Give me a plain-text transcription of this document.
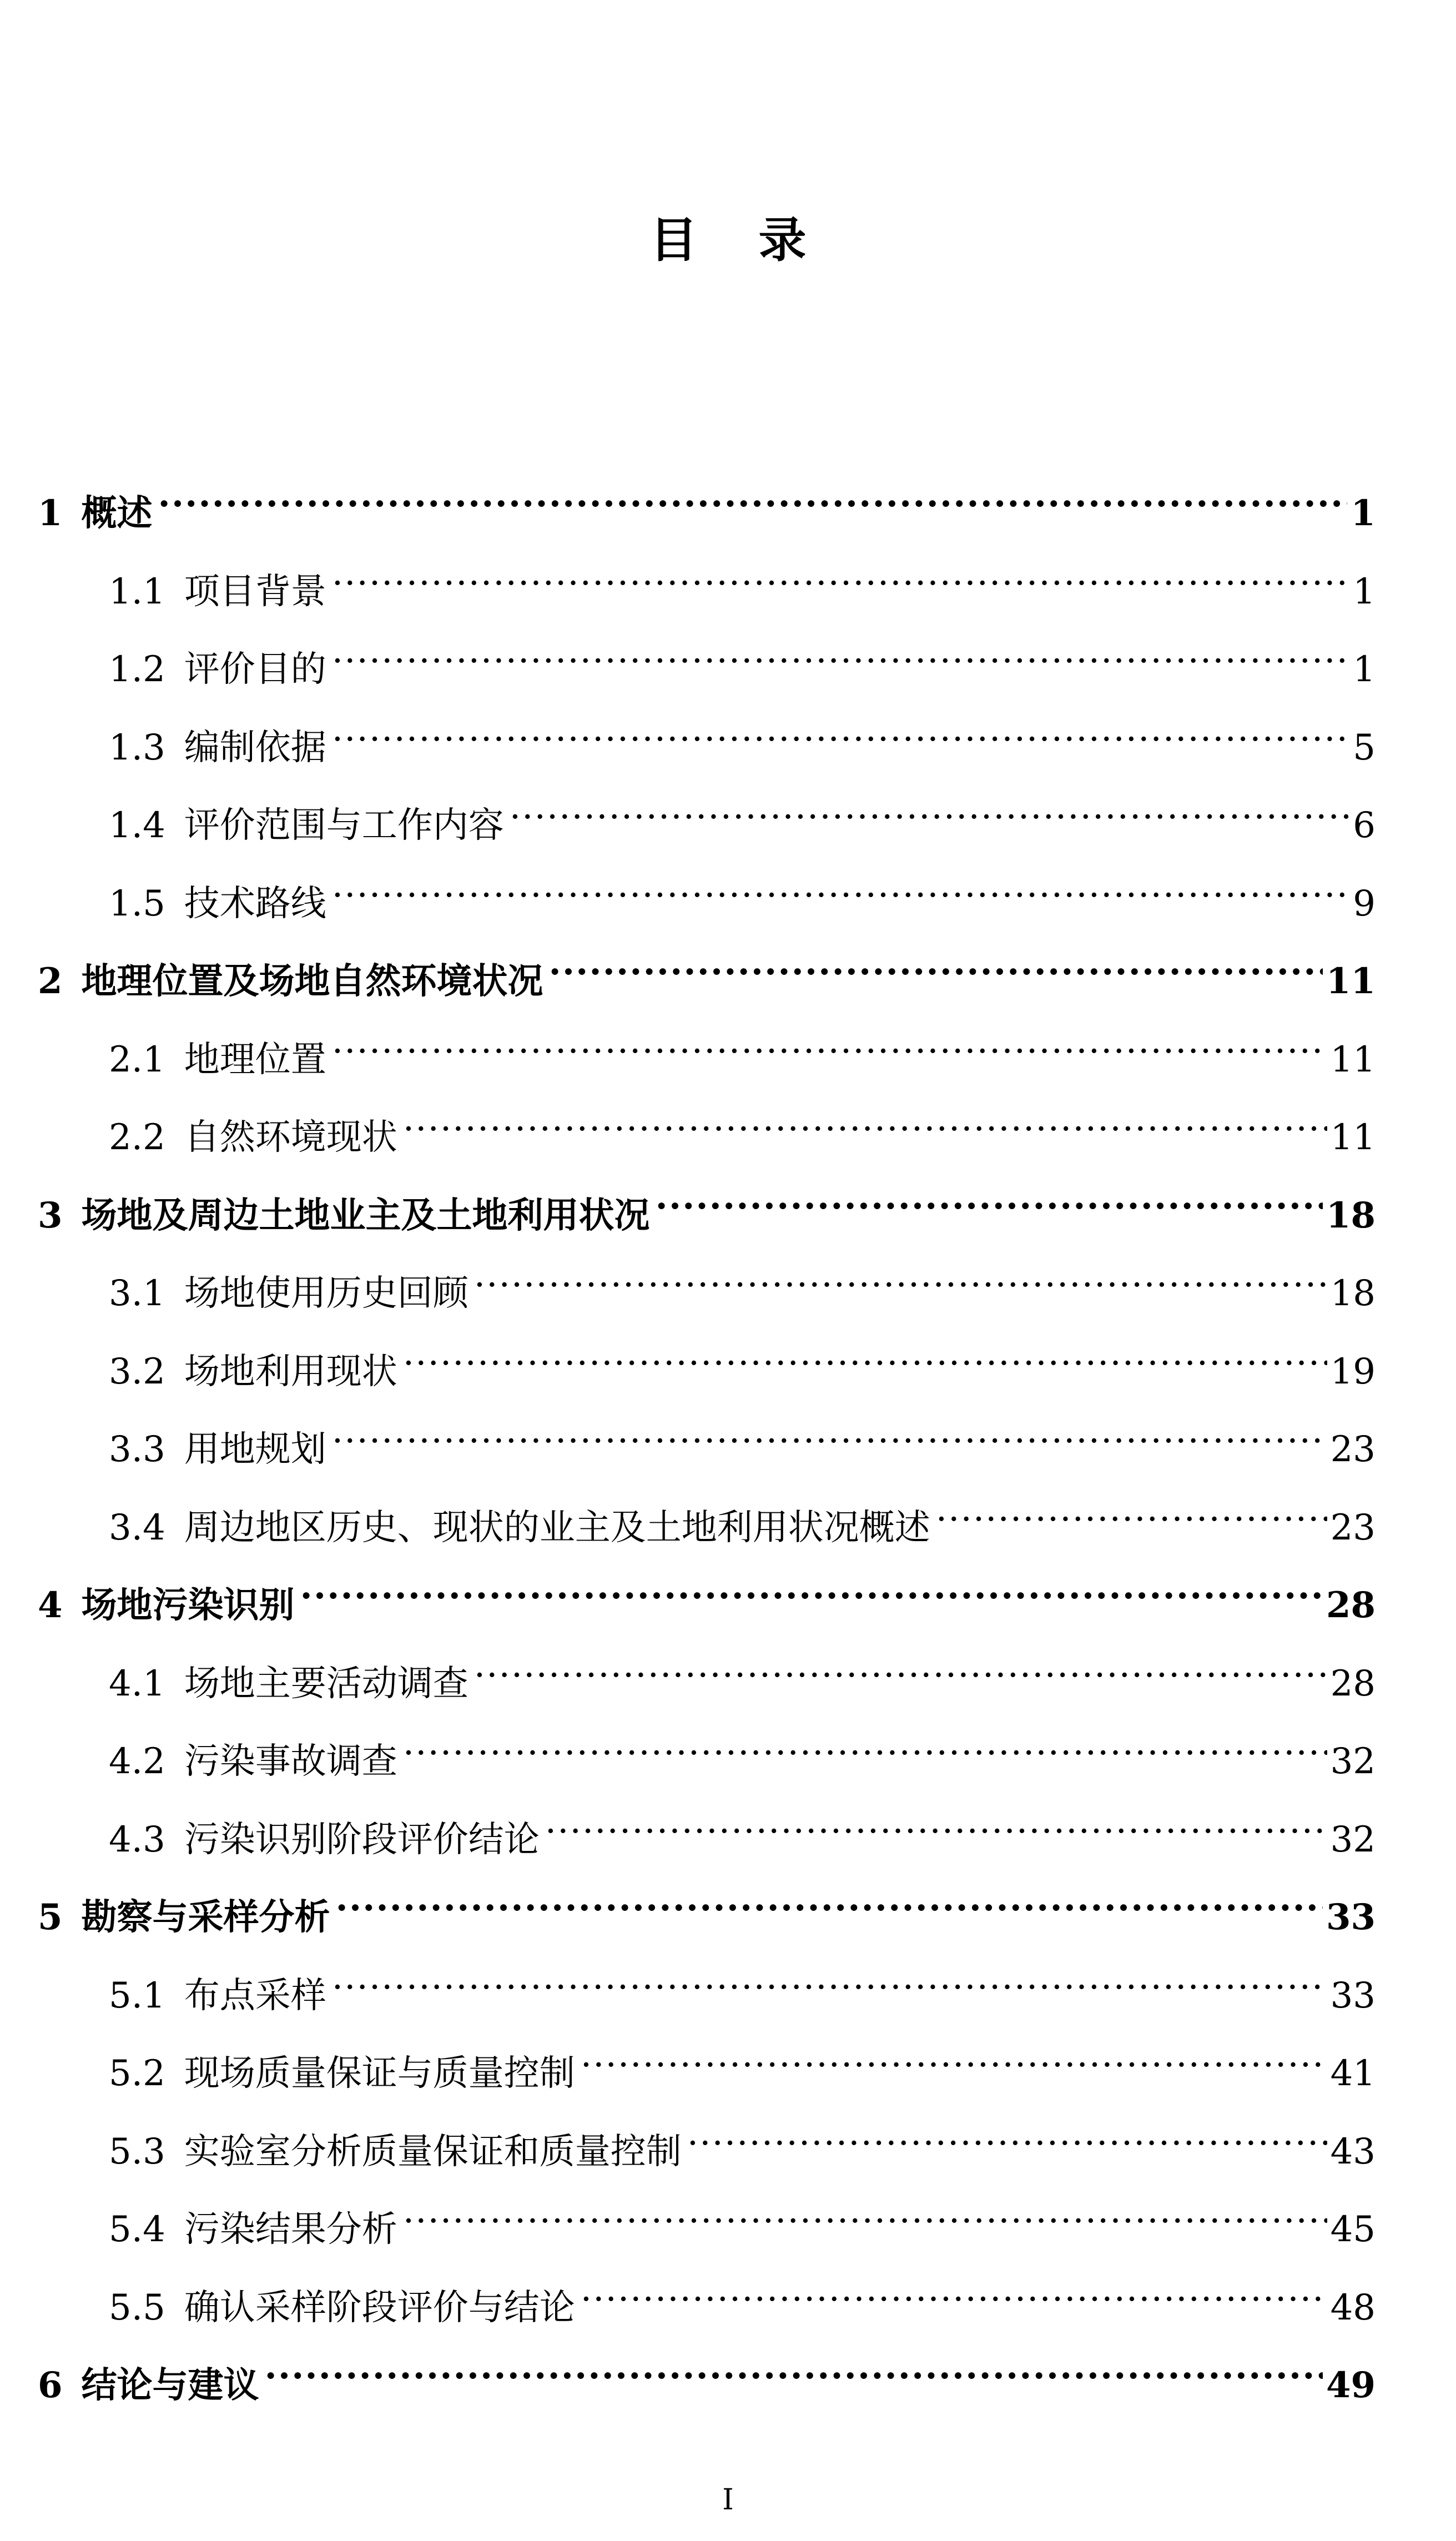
目 录
1 概述 .....	1
1.1 项目背景 .....	1
1.2 评价目的 .....	1
1.3 编制依据 .....	5
1.4 评价范围与工作内容 .....	6
1.5 技术路线 .....	9
2 地理位置及场地自然环境状况 .....	11
2.1 地理位置 .....	11
2.2 自然环境现状 .....	11
3 场地及周边土地业主及土地利用状况 .....	18
3.1 场地使用历史回顾 .....	18
3.2 场地利用现状 .....	19
3.3 用地规划 .....	23
3.4 周边地区历史、现状的业主及土地利用状况概述 .....	23
4 场地污染识别 .....	28
4.1 场地主要活动调查 .....	28
4.2 污染事故调查 .....	32
4.3 污染识别阶段评价结论 .....	32
5 勘察与采样分析 .....	33
5.1 布点采样 .....	33
5.2 现场质量保证与质量控制 .....	41
5.3 实验室分析质量保证和质量控制 .....	43
5.4 污染结果分析 .....	45
5.5 确认采样阶段评价与结论 .....	48
6 结论与建议 .....	49
I
